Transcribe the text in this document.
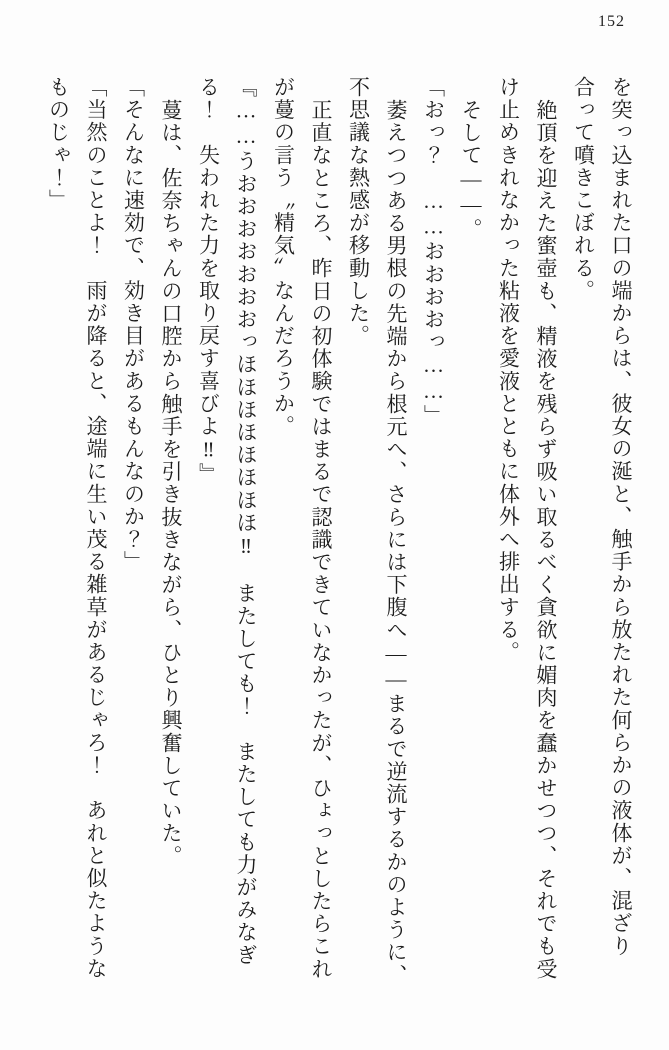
152

を突っ込まれた口の端からは、彼女の涎と、触手から放たれた何らかの液体が、混ざり

合って噴きこぼれる。

絶頂を迎えた蜜壺も、精液を残らず吸い取るべく貪欲に媚肉を蠢かせつつ、それでも受

け止めきれなかった粘液を愛液とともに体外へ排出する。

そして――。

「おっ？　……おおおおっ……」

萎えつつある男根の先端から根元へ、さらには下腹へ――まるで逆流するかのように、

不思議な熱感が移動した。

正直なところ、昨日の初体験ではまるで認識できていなかったが、ひょっとしたらこれ

が蔓の言う〝精気〟なんだろうか。

『……うおおおおおおおっほほほほほほほほ‼　またしても！　またしても力がみなぎ

る！　失われた力を取り戻す喜びよ‼』

蔓は、佐奈ちゃんの口腔から触手を引き抜きながら、ひとり興奮していた。

「そんなに速効で、効き目があるもんなのか？」

「当然のことよ！　雨が降ると、途端に生い茂る雑草があるじゃろ！　あれと似たような

ものじゃ！」
